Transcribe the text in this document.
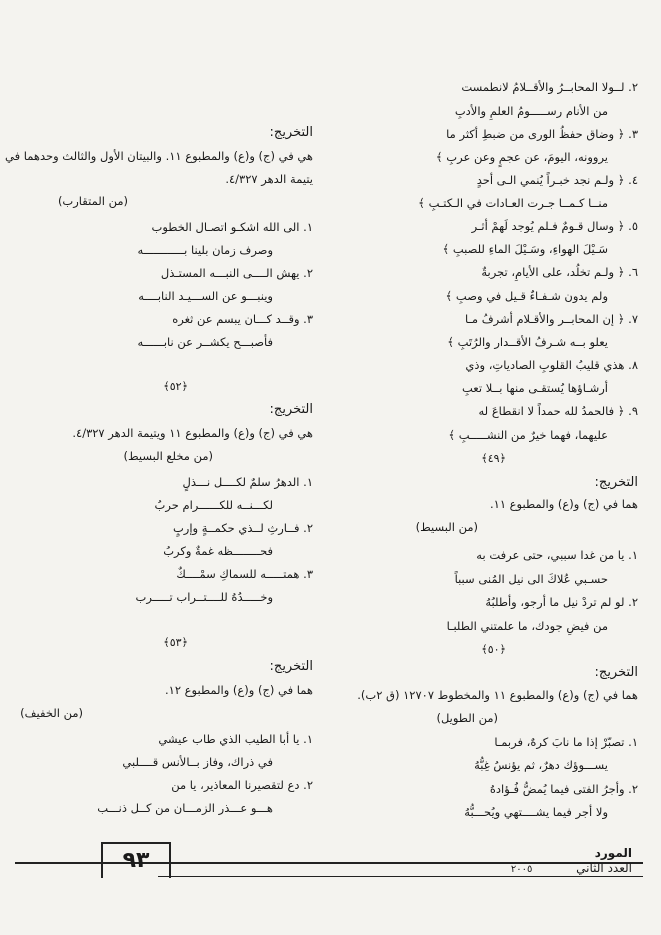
٢. لــولا المحابــرُ والأقــلامُ لانطمست
من الأنام رســـــومُ العلمِ والأدبِ
٣. ﴿ وضاق حفظُ الورى من ضبطِ أكثر ما
يروونه، اليومَ، عن عجمٍ وعن عربِ ﴾
٤. ﴿ ولـم نجد خبـراً يُنمي الـى أحدٍ
منــا كـمــا جـرت العـادات في الـكتـبِ ﴾
٥. ﴿ وسال قـومٌ فـلم يُوجد لَهمْ أثـر
سَـيْلَ الهواءِ، وسَـيْلَ الماءِ للصببِ ﴾
٦. ﴿ ولـم تخلُد، على الأيامِ، تجربةٌ
ولم يدون شـفـاءٌ قـيل في وصبِ ﴾
٧. ﴿ إن المحابــر والأقـلام أشرفُ مـا
يعلو بــه شـرفُ الأقــدار والرُتَبِ ﴾
٨. هذي قليبُ القلوبِ الصادياتِ، وذي
أرشـاؤها يُستقـى منها بــلا تعبِ
٩. ﴿ فالحمدُ لله حمداً لا انقطاعَ له
عليهما، فهما خيرٌ من النشـــــبِ ﴾
﴿٤٩﴾
التخريج:
هما في (ج) و(ع) والمطبوع ١١.
(من البسيط)
١. يا من غدا سببي، حتى عرفت به
حسـبي عُلاكَ الى نيل المُنى سبباً
٢. لو لم تردْ نيل ما أرجو، وأطلبُهُ
من فيضِ جودك، ما علمتني الطلبـا
﴿٥٠﴾
التخريج:
هما في (ج) و(ع) والمطبوع ١١ والمخطوط ١٢٧٠٧ (ق ٢ب).
(من الطويل)
١. تصبّرْ إذا ما نابَ كرهٌ، فربمـا
يســـوؤك دهرٌ، ثم يؤنسُ غِبُّهُ
٢. وأجرُ الفتى فيما يُمضُّ فُـؤادهُ
ولا أجر فيما يشــــتهي ويُحـــبُّهُ
التخريج:
هي في (ج) و(ع) والمطبوع ١١. والبيتان الأول والثالث وحدهما في
يتيمة الدهر ٤/٣٢٧.
(من المتقارب)
١. الى الله اشكـو اتصـال الخطوب
وصرف زمان بلينا بــــــــــــه
٢. يهش الــــى النبـــه المستـذل
وينبـــو عن الســـيـد النابــــه
٣. وقــد كـــان يبسم عن ثغره
فأصبـــح يكشــر عن نابــــــه
﴿٥٢﴾
التخريج:
هي في (ج) و(ع) والمطبوع ١١ ويتيمة الدهر ٤/٣٢٧.
(من مخلع البسيط)
١. الدهرُ سلمٌ لكــــل نـــذلٍ
لكـــنــه للكــــــرام حربُ
٢. فــارثِ لــذي حكمــةٍ وإربٍ
فحــــــــظه غمةٌ وكربُ
٣. همتـــــه للسماكِ سمْــــكٌ
وخـــــدُهُ للــــتــراب تـــــرب
﴿٥٣﴾
التخريج:
هما في (ج) و(ع) والمطبوع ١٢.
(من الخفيف)
١. يا أبا الطيب الذي طاب عيشي
في ذراك، وفاز بــالأنس قــــلبي
٢. دع لتقصيرنا المعاذير، يا من
هـــو عـــذر الزمـــان من كــل ذنـــب
٩٣	المورد
العدد الثاني ٢٠٠٥
